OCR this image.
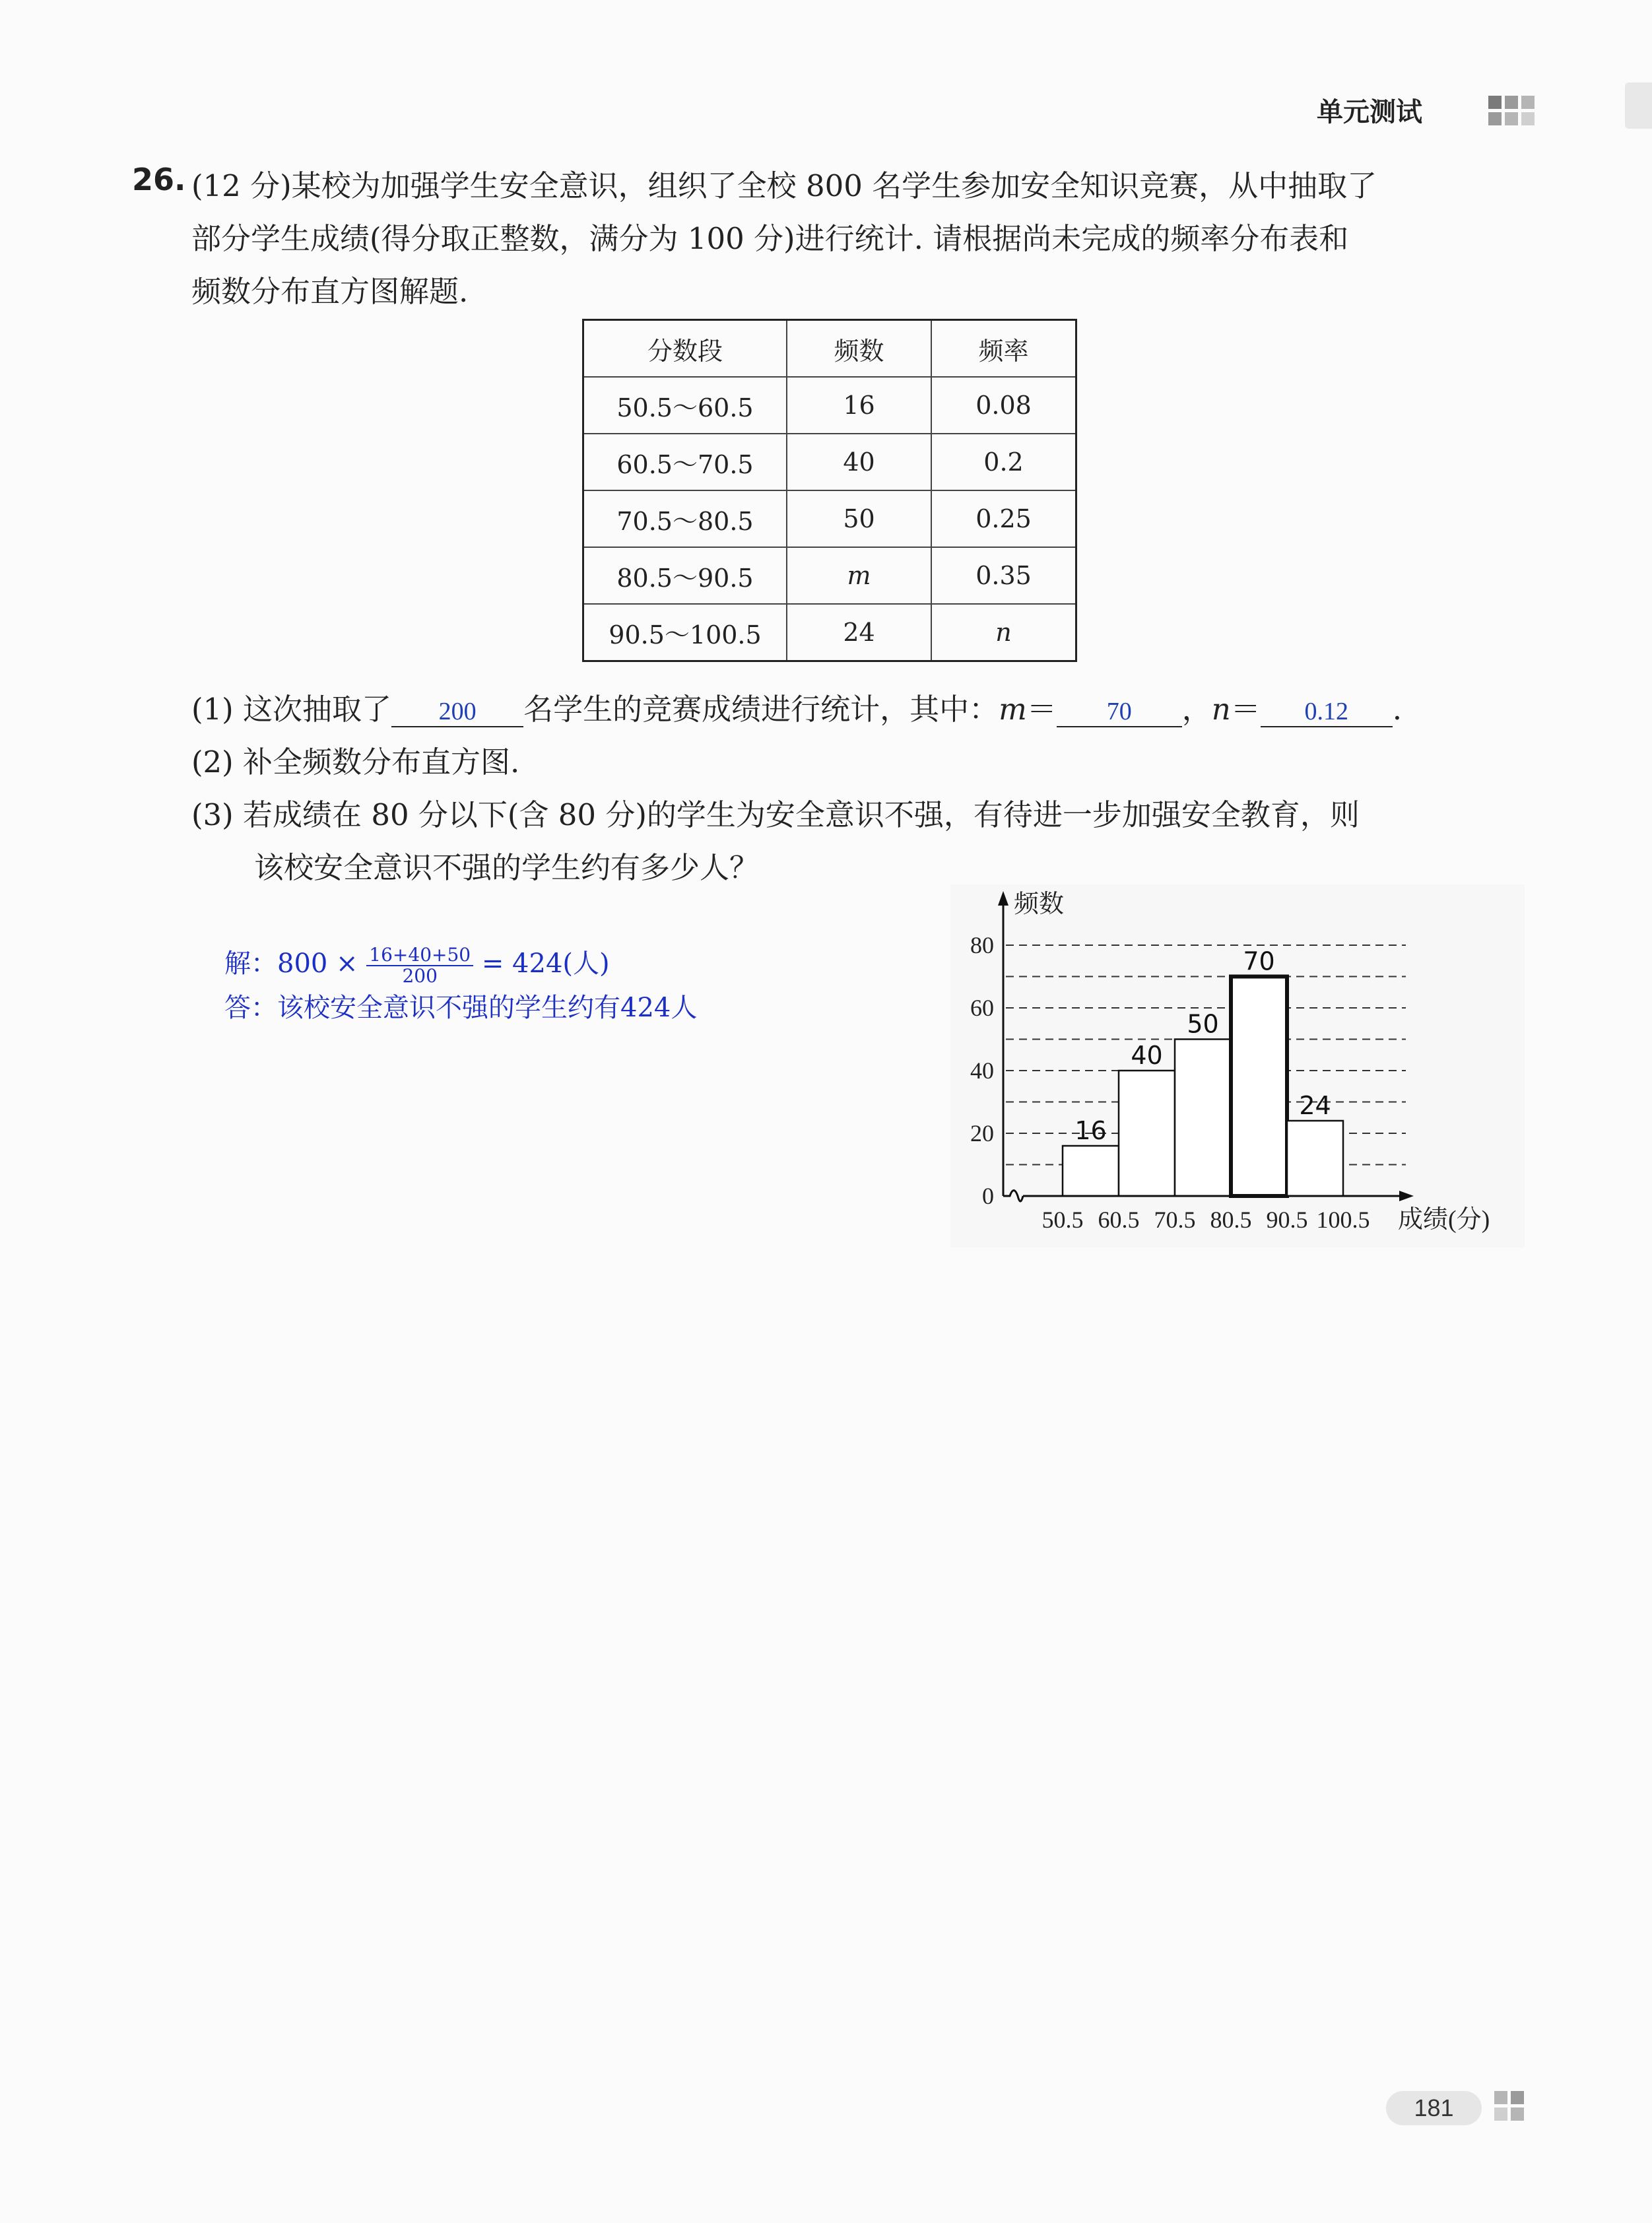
单元测试
26. (12 分)某校为加强学生安全意识，组织了全校 800 名学生参加安全知识竞赛，从中抽取了
部分学生成绩(得分取正整数，满分为 100 分)进行统计. 请根据尚未完成的频率分布表和
频数分布直方图解题.
分数段	频数	频率
50.5～60.5	16	0.08
60.5～70.5	40	0.2
70.5～80.5	50	0.25
80.5～90.5	m	0.35
90.5～100.5	24	n
(1) 这次抽取了 200 名学生的竞赛成绩进行统计，其中：m＝ 70 ，n＝ 0.12 .
(2) 补全频数分布直方图.
(3) 若成绩在 80 分以下(含 80 分)的学生为安全意识不强，有待进一步加强安全教育，则
该校安全意识不强的学生约有多少人？
解：$800 \times \frac{16+40+50}{200} = 424$(人)
答：该校安全意识不强的学生约有424人
频数
成绩(分)
0
20
40
60
80
16
40
50
70
24
50.5 60.5 70.5 80.5 90.5 100.5
181
